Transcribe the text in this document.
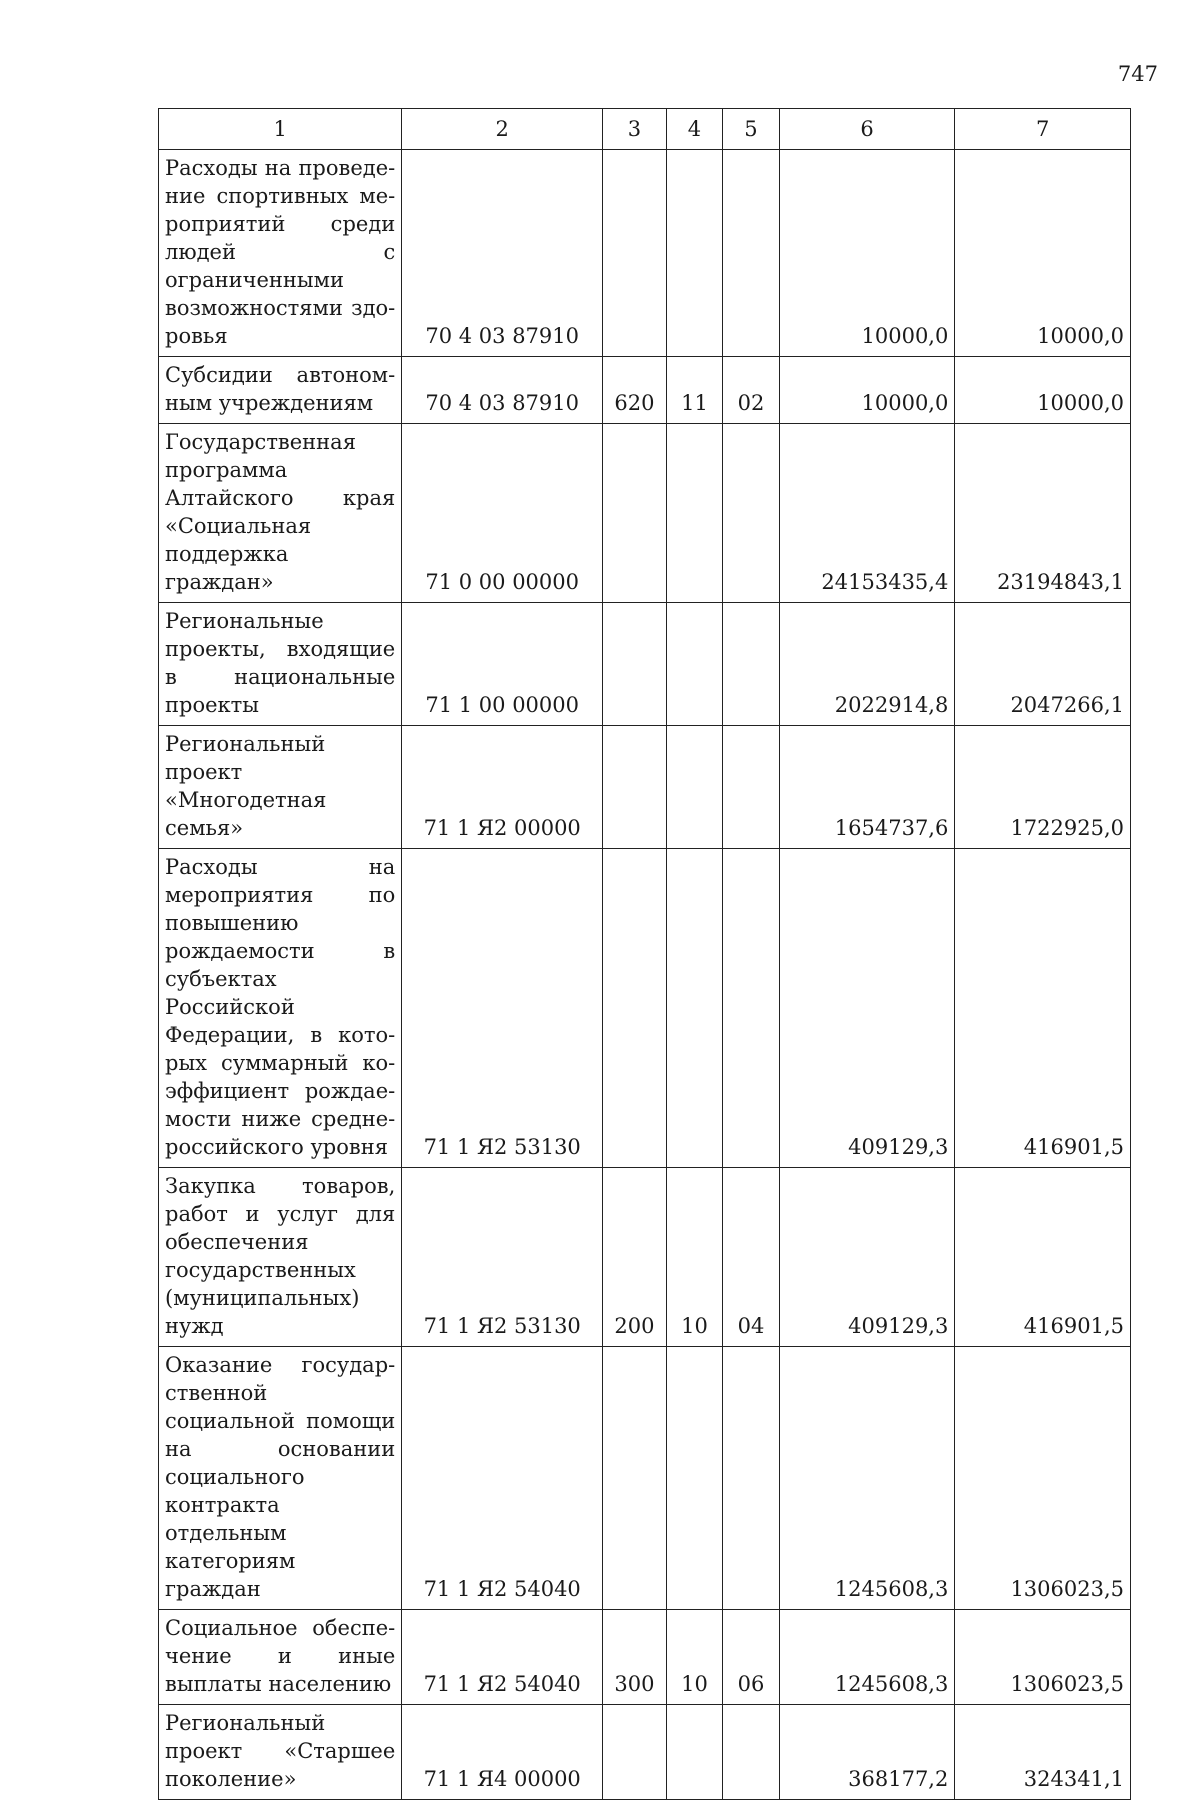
747
1	2	3	4	5	6	7
Расходы на проведение спортивных мероприятий среди людей с ограниченными возможностями здоровья	70 4 03 87910				10000,0	10000,0
Субсидии автономным учреждениям	70 4 03 87910	620	11	02	10000,0	10000,0
Государственная программа Алтайского края «Социальная поддержка граждан»	71 0 00 00000				24153435,4	23194843,1
Региональные проекты, входящие в национальные проекты	71 1 00 00000				2022914,8	2047266,1
Региональный проект «Многодетная семья»	71 1 Я2 00000				1654737,6	1722925,0
Расходы на мероприятия по повышению рождаемости в субъектах Российской Федерации, в которых суммарный коэффициент рождаемости ниже среднероссийского уровня	71 1 Я2 53130				409129,3	416901,5
Закупка товаров, работ и услуг для обеспечения государственных (муниципальных) нужд	71 1 Я2 53130	200	10	04	409129,3	416901,5
Оказание государственной социальной помощи на основании социального контракта отдельным категориям граждан	71 1 Я2 54040				1245608,3	1306023,5
Социальное обеспечение и иные выплаты населению	71 1 Я2 54040	300	10	06	1245608,3	1306023,5
Региональный проект «Старшее поколение»	71 1 Я4 00000				368177,2	324341,1
